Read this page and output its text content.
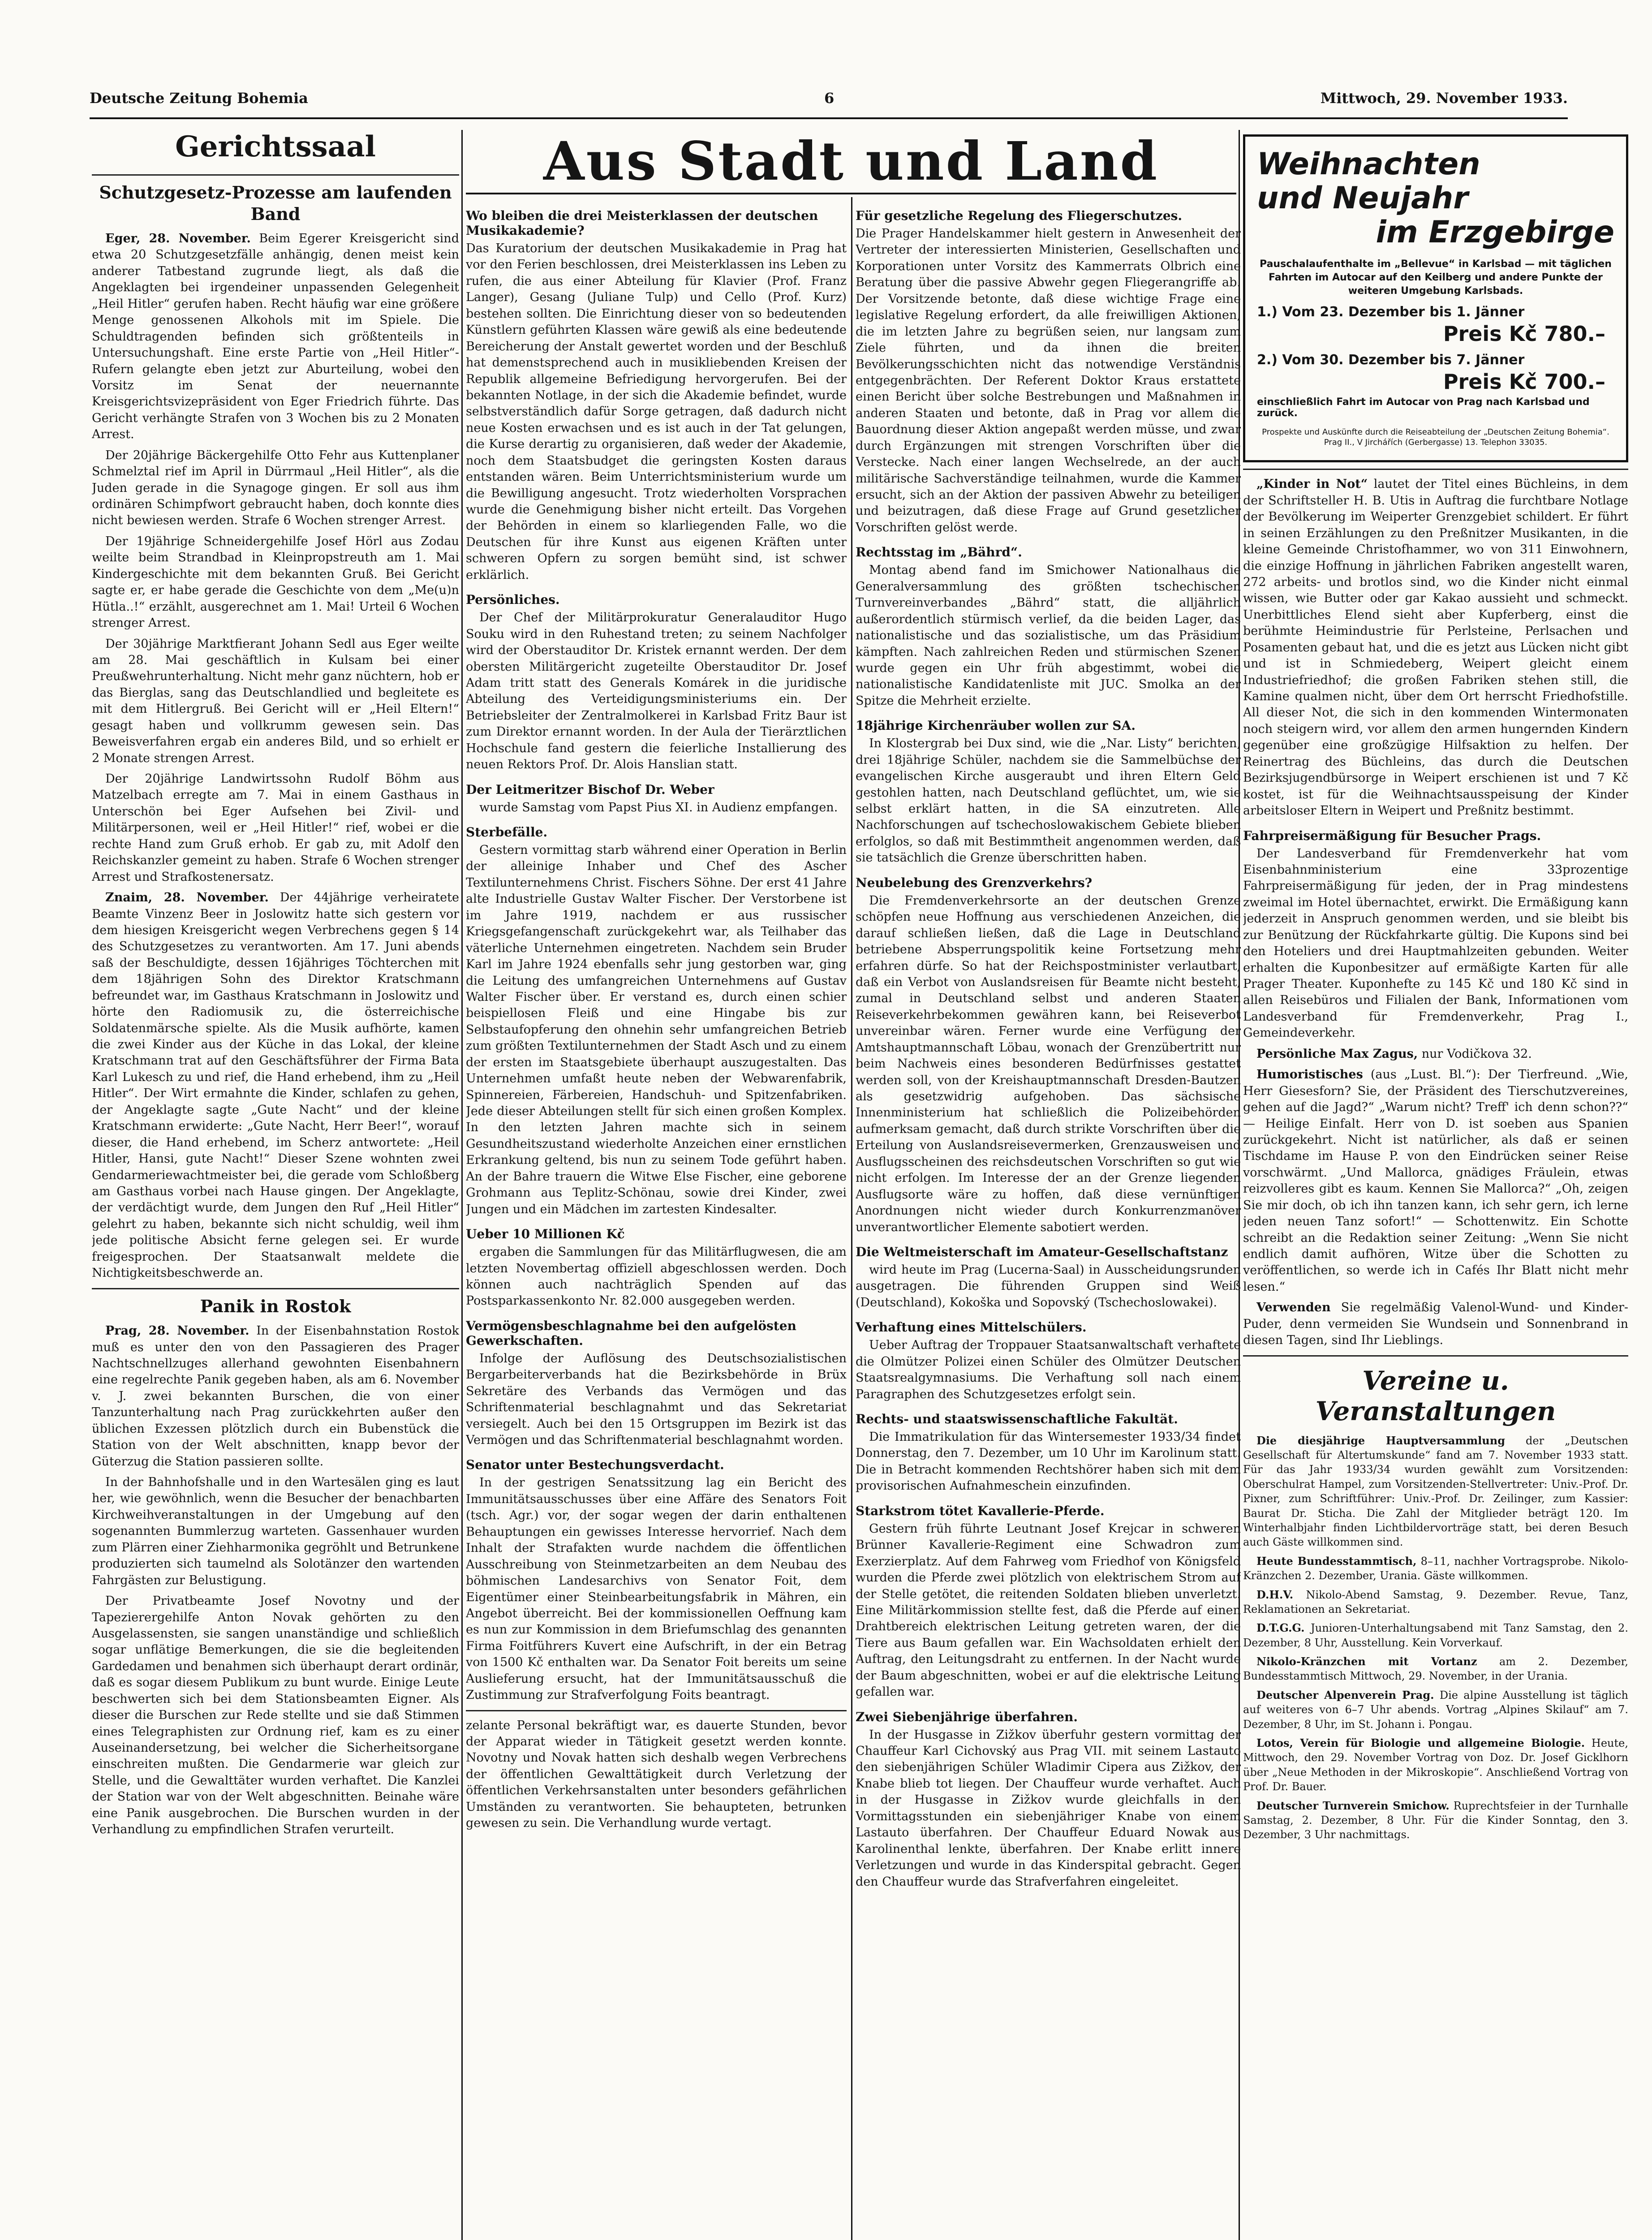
Deutsche Zeitung Bohemia	6	Mittwoch, 29. November 1933.
Aus Stadt und Land
Gerichtssaal
Schutzgesetz-Prozesse am laufenden Band

Eger, 28. November. Beim Egerer Kreisgericht sind etwa 20 Schutzgesetzfälle anhängig, denen meist kein anderer Tatbestand zugrunde liegt, als daß die Angeklagten bei irgendeiner unpassenden Gelegenheit „Heil Hitler“ gerufen haben. Recht häufig war eine größere Menge genossenen Alkohols mit im Spiele. Die Schuldtragenden befinden sich größtenteils in Untersuchungshaft. Eine erste Partie von „Heil Hitler“-Rufern gelangte eben jetzt zur Aburteilung, wobei den Vorsitz im Senat der neuernannte Kreisgerichtsvizepräsident von Eger Friedrich führte. Das Gericht verhängte Strafen von 3 Wochen bis zu 2 Monaten Arrest.

Der 20jährige Bäckergehilfe Otto Fehr aus Kuttenplaner Schmelztal rief im April in Dürrmaul „Heil Hitler“, als die Juden gerade in die Synagoge gingen. Er soll aus ihm ordinären Schimpfwort gebraucht haben, doch konnte dies nicht bewiesen werden. Strafe 6 Wochen strenger Arrest.

Der 19jährige Schneidergehilfe Josef Hörl aus Zodau weilte beim Strandbad in Kleinpropstreuth am 1. Mai Kindergeschichte mit dem bekannten Gruß. Bei Gericht sagte er, er habe gerade die Geschichte von dem „Me(u)n Hütla..!“ erzählt, ausgerechnet am 1. Mai! Urteil 6 Wochen strenger Arrest.

Der 30jährige Marktfierant Johann Sedl aus Eger weilte am 28. Mai geschäftlich in Kulsam bei einer Preußwehrunterhaltung. Nicht mehr ganz nüchtern, hob er das Bierglas, sang das Deutschlandlied und begleitete es mit dem Hitlergruß. Bei Gericht will er „Heil Eltern!“ gesagt haben und vollkrumm gewesen sein. Das Beweisverfahren ergab ein anderes Bild, und so erhielt er 2 Monate strengen Arrest.

Der 20jährige Landwirtssohn Rudolf Böhm aus Matzelbach erregte am 7. Mai in einem Gasthaus in Unterschön bei Eger Aufsehen bei Zivil- und Militärpersonen, weil er „Heil Hitler!“ rief, wobei er die rechte Hand zum Gruß erhob. Er gab zu, mit Adolf den Reichskanzler gemeint zu haben. Strafe 6 Wochen strenger Arrest und Strafkostenersatz.

Znaim, 28. November. Der 44jährige verheiratete Beamte Vinzenz Beer in Joslowitz hatte sich gestern vor dem hiesigen Kreisgericht wegen Verbrechens gegen § 14 des Schutzgesetzes zu verantworten. Am 17. Juni abends saß der Beschuldigte, dessen 16jähriges Töchterchen mit dem 18jährigen Sohn des Direktor Kratschmann befreundet war, im Gasthaus Kratschmann in Joslowitz und hörte den Radiomusik zu, die österreichische Soldatenmärsche spielte. Als die Musik aufhörte, kamen die zwei Kinder aus der Küche in das Lokal, der kleine Kratschmann trat auf den Geschäftsführer der Firma Bata Karl Lukesch zu und rief, die Hand erhebend, ihm zu „Heil Hitler“. Der Wirt ermahnte die Kinder, schlafen zu gehen, der Angeklagte sagte „Gute Nacht“ und der kleine Kratschmann erwiderte: „Gute Nacht, Herr Beer!“, worauf dieser, die Hand erhebend, im Scherz antwortete: „Heil Hitler, Hansi, gute Nacht!“ Dieser Szene wohnten zwei Gendarmeriewachtmeister bei, die gerade vom Schloßberg am Gasthaus vorbei nach Hause gingen. Der Angeklagte, der verdächtigt wurde, dem Jungen den Ruf „Heil Hitler“ gelehrt zu haben, bekannte sich nicht schuldig, weil ihm jede politische Absicht ferne gelegen sei. Er wurde freigesprochen. Der Staatsanwalt meldete die Nichtigkeitsbeschwerde an.

Panik in Rostok

Prag, 28. November. In der Eisenbahnstation Rostok muß es unter den von den Passagieren des Prager Nachtschnellzuges allerhand gewohnten Eisenbahnern eine regelrechte Panik gegeben haben, als am 6. November v. J. zwei bekannten Burschen, die von einer Tanzunterhaltung nach Prag zurückkehrten außer den üblichen Exzessen plötzlich durch ein Bubenstück die Station von der Welt abschnitten, knapp bevor der Güterzug die Station passieren sollte.

In der Bahnhofshalle und in den Wartesälen ging es laut her, wie gewöhnlich, wenn die Besucher der benachbarten Kirchweihveranstaltungen in der Umgebung auf den sogenannten Bummlerzug warteten. Gassenhauer wurden zum Plärren einer Ziehharmonika gegröhlt und Betrunkene produzierten sich taumelnd als Solotänzer den wartenden Fahrgästen zur Belustigung.

Der Privatbeamte Josef Novotny und der Tapezierergehilfe Anton Novak gehörten zu den Ausgelassensten, sie sangen unanständige und schließlich sogar unflätige Bemerkungen, die sie die begleitenden Gardedamen und benahmen sich überhaupt derart ordinär, daß es sogar diesem Publikum zu bunt wurde. Einige Leute beschwerten sich bei dem Stationsbeamten Eigner. Als dieser die Burschen zur Rede stellte und sie daß Stimmen eines Telegraphisten zur Ordnung rief, kam es zu einer Auseinandersetzung, bei welcher die Sicherheitsorgane einschreiten mußten. Die Gendarmerie war gleich zur Stelle, und die Gewalttäter wurden verhaftet. Die Kanzlei der Station war von der Welt abgeschnitten. Beinahe wäre eine Panik ausgebrochen. Die Burschen wurden in der Verhandlung zu empfindlichen Strafen verurteilt.

Wo bleiben die drei Meisterklassen der deutschen Musikakademie?

Das Kuratorium der deutschen Musikakademie in Prag hat vor den Ferien beschlossen, drei Meisterklassen ins Leben zu rufen, die aus einer Abteilung für Klavier (Prof. Franz Langer), Gesang (Juliane Tulp) und Cello (Prof. Kurz) bestehen sollten. Die Einrichtung dieser von so bedeutenden Künstlern geführten Klassen wäre gewiß als eine bedeutende Bereicherung der Anstalt gewertet worden und der Beschluß hat demenstsprechend auch in musikliebenden Kreisen der Republik allgemeine Befriedigung hervorgerufen. Bei der bekannten Notlage, in der sich die Akademie befindet, wurde selbstverständlich dafür Sorge getragen, daß dadurch nicht neue Kosten erwachsen und es ist auch in der Tat gelungen, die Kurse derartig zu organisieren, daß weder der Akademie, noch dem Staatsbudget die geringsten Kosten daraus entstanden wären. Beim Unterrichtsministerium wurde um die Bewilligung angesucht. Trotz wiederholten Vorsprachen wurde die Genehmigung bisher nicht erteilt. Das Vorgehen der Behörden in einem so klarliegenden Falle, wo die Deutschen für ihre Kunst aus eigenen Kräften unter schweren Opfern zu sorgen bemüht sind, ist schwer erklärlich.

Persönliches.

Der Chef der Militärprokuratur Generalauditor Hugo Souku wird in den Ruhestand treten; zu seinem Nachfolger wird der Oberstauditor Dr. Kristek ernannt werden. Der dem obersten Militärgericht zugeteilte Oberstauditor Dr. Josef Adam tritt statt des Generals Komárek in die juridische Abteilung des Verteidigungsministeriums ein. Der Betriebsleiter der Zentralmolkerei in Karlsbad Fritz Baur ist zum Direktor ernannt worden. In der Aula der Tierärztlichen Hochschule fand gestern die feierliche Installierung des neuen Rektors Prof. Dr. Alois Hanslian statt.

Der Leitmeritzer Bischof Dr. Weber

wurde Samstag vom Papst Pius XI. in Audienz empfangen.

Sterbefälle.

Gestern vormittag starb während einer Operation in Berlin der alleinige Inhaber und Chef des Ascher Textilunternehmens Christ. Fischers Söhne. Der erst 41 Jahre alte Industrielle Gustav Walter Fischer. Der Verstorbene ist im Jahre 1919, nachdem er aus russischer Kriegsgefangenschaft zurückgekehrt war, als Teilhaber das väterliche Unternehmen eingetreten. Nachdem sein Bruder Karl im Jahre 1924 ebenfalls sehr jung gestorben war, ging die Leitung des umfangreichen Unternehmens auf Gustav Walter Fischer über. Er verstand es, durch einen schier beispiellosen Fleiß und eine Hingabe bis zur Selbstaufopferung den ohnehin sehr umfangreichen Betrieb zum größten Textilunternehmen der Stadt Asch und zu einem der ersten im Staatsgebiete überhaupt auszugestalten. Das Unternehmen umfaßt heute neben der Webwarenfabrik, Spinnereien, Färbereien, Handschuh- und Spitzenfabriken. Jede dieser Abteilungen stellt für sich einen großen Komplex. In den letzten Jahren machte sich in seinem Gesundheitszustand wiederholte Anzeichen einer ernstlichen Erkrankung geltend, bis nun zu seinem Tode geführt haben. An der Bahre trauern die Witwe Else Fischer, eine geborene Grohmann aus Teplitz-Schönau, sowie drei Kinder, zwei Jungen und ein Mädchen im zartesten Kindesalter.

Ueber 10 Millionen Kč

ergaben die Sammlungen für das Militärflugwesen, die am letzten Novembertag offiziell abgeschlossen werden. Doch können auch nachträglich Spenden auf das Postsparkassenkonto Nr. 82.000 ausgegeben werden.

Vermögensbeschlagnahme bei den aufgelösten Gewerkschaften.

Infolge der Auflösung des Deutschsozialistischen Bergarbeiterverbands hat die Bezirksbehörde in Brüx Sekretäre des Verbands das Vermögen und das Schriftenmaterial beschlagnahmt und das Sekretariat versiegelt. Auch bei den 15 Ortsgruppen im Bezirk ist das Vermögen und das Schriftenmaterial beschlagnahmt worden.

Senator unter Bestechungsverdacht.

In der gestrigen Senatssitzung lag ein Bericht des Immunitätsausschusses über eine Affäre des Senators Foit (tsch. Agr.) vor, der sogar wegen der darin enthaltenen Behauptungen ein gewisses Interesse hervorrief. Nach dem Inhalt der Strafakten wurde nachdem die öffentlichen Ausschreibung von Steinmetzarbeiten an dem Neubau des böhmischen Landesarchivs von Senator Foit, dem Eigentümer einer Steinbearbeitungsfabrik in Mähren, ein Angebot überreicht. Bei der kommissionellen Oeffnung kam es nun zur Kommission in dem Briefumschlag des genannten Firma Foitführers Kuvert eine Aufschrift, in der ein Betrag von 1500 Kč enthalten war. Da Senator Foit bereits um seine Auslieferung ersucht, hat der Immunitätsausschuß die Zustimmung zur Strafverfolgung Foits beantragt.

zelante Personal bekräftigt war, es dauerte Stunden, bevor der Apparat wieder in Tätigkeit gesetzt werden konnte. Novotny und Novak hatten sich deshalb wegen Verbrechens der öffentlichen Gewalttätigkeit durch Verletzung der öffentlichen Verkehrsanstalten unter besonders gefährlichen Umständen zu verantworten. Sie behaupteten, betrunken gewesen zu sein. Die Verhandlung wurde vertagt.

Für gesetzliche Regelung des Fliegerschutzes.

Die Prager Handelskammer hielt gestern in Anwesenheit der Vertreter der interessierten Ministerien, Gesellschaften und Korporationen unter Vorsitz des Kammerrats Olbrich eine Beratung über die passive Abwehr gegen Fliegerangriffe ab. Der Vorsitzende betonte, daß diese wichtige Frage eine legislative Regelung erfordert, da alle freiwilligen Aktionen, die im letzten Jahre zu begrüßen seien, nur langsam zum Ziele führten, und da ihnen die breiten Bevölkerungsschichten nicht das notwendige Verständnis entgegenbrächten. Der Referent Doktor Kraus erstattete einen Bericht über solche Bestrebungen und Maßnahmen in anderen Staaten und betonte, daß in Prag vor allem die Bauordnung dieser Aktion angepaßt werden müsse, und zwar durch Ergänzungen mit strengen Vorschriften über die Verstecke. Nach einer langen Wechselrede, an der auch militärische Sachverständige teilnahmen, wurde die Kammer ersucht, sich an der Aktion der passiven Abwehr zu beteiligen und beizutragen, daß diese Frage auf Grund gesetzlicher Vorschriften gelöst werde.

Rechtsstag im „Bährd“.

Montag abend fand im Smichower Nationalhaus die Generalversammlung des größten tschechischen Turnvereinverbandes „Bährd“ statt, die alljährlich außerordentlich stürmisch verlief, da die beiden Lager, das nationalistische und das sozialistische, um das Präsidium kämpften. Nach zahlreichen Reden und stürmischen Szenen wurde gegen ein Uhr früh abgestimmt, wobei die nationalistische Kandidatenliste mit JUC. Smolka an der Spitze die Mehrheit erzielte.

18jährige Kirchenräuber wollen zur SA.

In Klostergrab bei Dux sind, wie die „Nar. Listy“ berichten, drei 18jährige Schüler, nachdem sie die Sammelbüchse der evangelischen Kirche ausgeraubt und ihren Eltern Geld gestohlen hatten, nach Deutschland geflüchtet, um, wie sie selbst erklärt hatten, in die SA einzutreten. Alle Nachforschungen auf tschechoslowakischem Gebiete blieben erfolglos, so daß mit Bestimmtheit angenommen werden, daß sie tatsächlich die Grenze überschritten haben.

Neubelebung des Grenzverkehrs?

Die Fremdenverkehrsorte an der deutschen Grenze schöpfen neue Hoffnung aus verschiedenen Anzeichen, die darauf schließen ließen, daß die Lage in Deutschland betriebene Absperrungspolitik keine Fortsetzung mehr erfahren dürfe. So hat der Reichspostminister verlautbart, daß ein Verbot von Auslandsreisen für Beamte nicht besteht, zumal in Deutschland selbst und anderen Staaten Reiseverkehrbekommen gewähren kann, bei Reiseverbot unvereinbar wären. Ferner wurde eine Verfügung der Amtshauptmannschaft Löbau, wonach der Grenzübertritt nur beim Nachweis eines besonderen Bedürfnisses gestattet werden soll, von der Kreishauptmannschaft Dresden-Bautzen als gesetzwidrig aufgehoben. Das sächsische Innenministerium hat schließlich die Polizeibehörden aufmerksam gemacht, daß durch strikte Vorschriften über die Erteilung von Auslandsreisevermerken, Grenzausweisen und Ausflugsscheinen des reichsdeutschen Vorschriften so gut wie nicht erfolgen. Im Interesse der an der Grenze liegenden Ausflugsorte wäre zu hoffen, daß diese vernünftigen Anordnungen nicht wieder durch Konkurrenzmanöver unverantwortlicher Elemente sabotiert werden.

Die Weltmeisterschaft im Amateur-Gesellschaftstanz

wird heute im Prag (Lucerna-Saal) in Ausscheidungsrunden ausgetragen. Die führenden Gruppen sind Weiß (Deutschland), Kokoška und Sopovský (Tschechoslowakei).

Verhaftung eines Mittelschülers.

Ueber Auftrag der Troppauer Staatsanwaltschaft verhaftete die Olmützer Polizei einen Schüler des Olmützer Deutschen Staatsrealgymnasiums. Die Verhaftung soll nach einem Paragraphen des Schutzgesetzes erfolgt sein.

Rechts- und staatswissenschaftliche Fakultät.

Die Immatrikulation für das Wintersemester 1933/34 findet Donnerstag, den 7. Dezember, um 10 Uhr im Karolinum statt. Die in Betracht kommenden Rechtshörer haben sich mit dem provisorischen Aufnahmeschein einzufinden.

Starkstrom tötet Kavallerie-Pferde.

Gestern früh führte Leutnant Josef Krejcar in schweren Brünner Kavallerie-Regiment eine Schwadron zum Exerzierplatz. Auf dem Fahrweg vom Friedhof von Königsfeld wurden die Pferde zwei plötzlich von elektrischem Strom auf der Stelle getötet, die reitenden Soldaten blieben unverletzt. Eine Militärkommission stellte fest, daß die Pferde auf einen Drahtbereich elektrischen Leitung getreten waren, der die Tiere aus Baum gefallen war. Ein Wachsoldaten erhielt den Auftrag, den Leitungsdraht zu entfernen. In der Nacht wurde der Baum abgeschnitten, wobei er auf die elektrische Leitung gefallen war.

Zwei Siebenjährige überfahren.

In der Husgasse in Zižkov überfuhr gestern vormittag der Chauffeur Karl Cichovský aus Prag VII. mit seinem Lastauto den siebenjährigen Schüler Wladimir Cipera aus Zižkov, der Knabe blieb tot liegen. Der Chauffeur wurde verhaftet. Auch in der Husgasse in Zižkov wurde gleichfalls in den Vormittagsstunden ein siebenjähriger Knabe von einem Lastauto überfahren. Der Chauffeur Eduard Nowak aus Karolinenthal lenkte, überfahren. Der Knabe erlitt innere Verletzungen und wurde in das Kinderspital gebracht. Gegen den Chauffeur wurde das Strafverfahren eingeleitet.

Weihnachten
und Neujahr
im Erzgebirge
Pauschalaufenthalte im „Bellevue“ in Karlsbad — mit täglichen Fahrten im Autocar auf den Keilberg und andere Punkte der weiteren Umgebung Karlsbads.
1.) Vom 23. Dezember bis 1. Jänner
Preis Kč 780.–
2.) Vom 30. Dezember bis 7. Jänner
Preis Kč 700.–
einschließlich Fahrt im Autocar von Prag nach Karlsbad und zurück.
Prospekte und Auskünfte durch die Reiseabteilung der „Deutschen Zeitung Bohemia“. Prag II., V Jirchářích (Gerbergasse) 13. Telephon 33035.

„Kinder in Not“ lautet der Titel eines Büchleins, in dem der Schriftsteller H. B. Utis in Auftrag die furchtbare Notlage der Bevölkerung im Weiperter Grenzgebiet schildert. Er führt in seinen Erzählungen zu den Preßnitzer Musikanten, in die kleine Gemeinde Christofhammer, wo von 311 Einwohnern, die einzige Hoffnung in jährlichen Fabriken angestellt waren, 272 arbeits- und brotlos sind, wo die Kinder nicht einmal wissen, wie Butter oder gar Kakao aussieht und schmeckt. Unerbittliches Elend sieht aber Kupferberg, einst die berühmte Heimindustrie für Perlsteine, Perlsachen und Posamenten gebaut hat, und die es jetzt aus Lücken nicht gibt und ist in Schmiedeberg, Weipert gleicht einem Industriefriedhof; die großen Fabriken stehen still, die Kamine qualmen nicht, über dem Ort herrscht Friedhofstille. All dieser Not, die sich in den kommenden Wintermonaten noch steigern wird, vor allem den armen hungernden Kindern gegenüber eine großzügige Hilfsaktion zu helfen. Der Reinertrag des Büchleins, das durch die Deutschen Bezirksjugendbürsorge in Weipert erschienen ist und 7 Kč kostet, ist für die Weihnachtsausspeisung der Kinder arbeitsloser Eltern in Weipert und Preßnitz bestimmt.

Fahrpreisermäßigung für Besucher Prags.

Der Landesverband für Fremdenverkehr hat vom Eisenbahnministerium eine 33prozentige Fahrpreisermäßigung für jeden, der in Prag mindestens zweimal im Hotel übernachtet, erwirkt. Die Ermäßigung kann jederzeit in Anspruch genommen werden, und sie bleibt bis zur Benützung der Rückfahrkarte gültig. Die Kupons sind bei den Hoteliers und drei Hauptmahlzeiten gebunden. Weiter erhalten die Kuponbesitzer auf ermäßigte Karten für alle Prager Theater. Kuponhefte zu 145 Kč und 180 Kč sind in allen Reisebüros und Filialen der Bank, Informationen vom Landesverband für Fremdenverkehr, Prag I., Gemeindeverkehr.

Persönliche Max Zagus, nur Vodičkova 32.

Humoristisches (aus „Lust. Bl.“): Der Tierfreund. „Wie, Herr Giesesforn? Sie, der Präsident des Tierschutzvereines, gehen auf die Jagd?“ „Warum nicht? Treff' ich denn schon??“ — Heilige Einfalt. Herr von D. ist soeben aus Spanien zurückgekehrt. Nicht ist natürlicher, als daß er seinen Tischdame im Hause P. von den Eindrücken seiner Reise vorschwärmt. „Und Mallorca, gnädiges Fräulein, etwas reizvolleres gibt es kaum. Kennen Sie Mallorca?“ „Oh, zeigen Sie mir doch, ob ich ihn tanzen kann, ich sehr gern, ich lerne jeden neuen Tanz sofort!“ — Schottenwitz. Ein Schotte schreibt an die Redaktion seiner Zeitung: „Wenn Sie nicht endlich damit aufhören, Witze über die Schotten zu veröffentlichen, so werde ich in Cafés Ihr Blatt nicht mehr lesen.“

Verwenden Sie regelmäßig Valenol-Wund- und Kinder-Puder, denn vermeiden Sie Wundsein und Sonnenbrand in diesen Tagen, sind Ihr Lieblings.

Vereine u. Veranstaltungen

Die diesjährige Hauptversammlung der „Deutschen Gesellschaft für Altertumskunde“ fand am 7. November 1933 statt. Für das Jahr 1933/34 wurden gewählt zum Vorsitzenden: Oberschulrat Hampel, zum Vorsitzenden-Stellvertreter: Univ.-Prof. Dr. Pixner, zum Schriftführer: Univ.-Prof. Dr. Zeilinger, zum Kassier: Baurat Dr. Sticha. Die Zahl der Mitglieder beträgt 120. Im Winterhalbjahr finden Lichtbildervorträge statt, bei deren Besuch auch Gäste willkommen sind.

Heute Bundesstammtisch, 8–11, nachher Vortragsprobe. Nikolo-Kränzchen 2. Dezember, Urania. Gäste willkommen.

D.H.V. Nikolo-Abend Samstag, 9. Dezember. Revue, Tanz, Reklamationen an Sekretariat.

D.T.G.G. Junioren-Unterhaltungsabend mit Tanz Samstag, den 2. Dezember, 8 Uhr, Ausstellung. Kein Vorverkauf.

Nikolo-Kränzchen mit Vortanz am 2. Dezember, Bundesstammtisch Mittwoch, 29. November, in der Urania.

Deutscher Alpenverein Prag. Die alpine Ausstellung ist täglich auf weiteres von 6–7 Uhr abends. Vortrag „Alpines Skilauf“ am 7. Dezember, 8 Uhr, im St. Johann i. Pongau.

Lotos, Verein für Biologie und allgemeine Biologie. Heute, Mittwoch, den 29. November Vortrag von Doz. Dr. Josef Gicklhorn über „Neue Methoden in der Mikroskopie“. Anschließend Vortrag von Prof. Dr. Bauer.

Deutscher Turnverein Smichow. Ruprechtsfeier in der Turnhalle Samstag, 2. Dezember, 8 Uhr. Für die Kinder Sonntag, den 3. Dezember, 3 Uhr nachmittags.
